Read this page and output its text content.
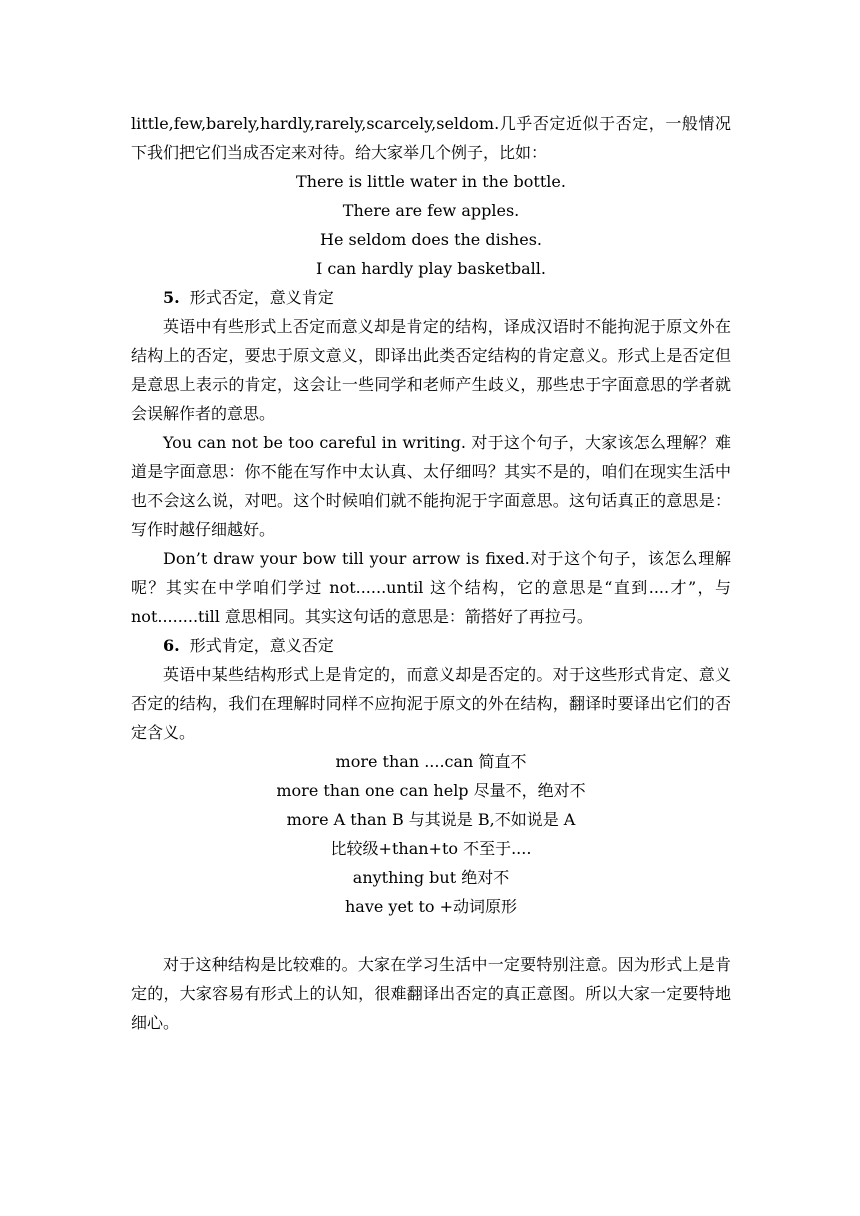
little,few,barely,hardly,rarely,scarcely,seldom.几乎否定近似于否定，一般情况下我们把它们当成否定来对待。给大家举几个例子，比如：

There is little water in the bottle.

There are few apples.

He seldom does the dishes.

I can hardly play basketball.

5. 形式否定，意义肯定

英语中有些形式上否定而意义却是肯定的结构，译成汉语时不能拘泥于原文外在结构上的否定，要忠于原文意义，即译出此类否定结构的肯定意义。形式上是否定但是意思上表示的肯定，这会让一些同学和老师产生歧义，那些忠于字面意思的学者就会误解作者的意思。

You can not be too careful in writing. 对于这个句子，大家该怎么理解？难道是字面意思：你不能在写作中太认真、太仔细吗？其实不是的，咱们在现实生活中也不会这么说，对吧。这个时候咱们就不能拘泥于字面意思。这句话真正的意思是：写作时越仔细越好。

Don’t draw your bow till your arrow is fixed.对于这个句子，该怎么理解呢？其实在中学咱们学过 not......until 这个结构，它的意思是“直到....才”，与 not........till 意思相同。其实这句话的意思是：箭搭好了再拉弓。

6. 形式肯定，意义否定

英语中某些结构形式上是肯定的，而意义却是否定的。对于这些形式肯定、意义否定的结构，我们在理解时同样不应拘泥于原文的外在结构，翻译时要译出它们的否定含义。

more than ....can 简直不

more than one can help 尽量不，绝对不

more A than B 与其说是 B,不如说是 A

比较级+than+to 不至于....

anything but 绝对不

have yet to +动词原形

对于这种结构是比较难的。大家在学习生活中一定要特别注意。因为形式上是肯定的，大家容易有形式上的认知，很难翻译出否定的真正意图。所以大家一定要特地细心。
